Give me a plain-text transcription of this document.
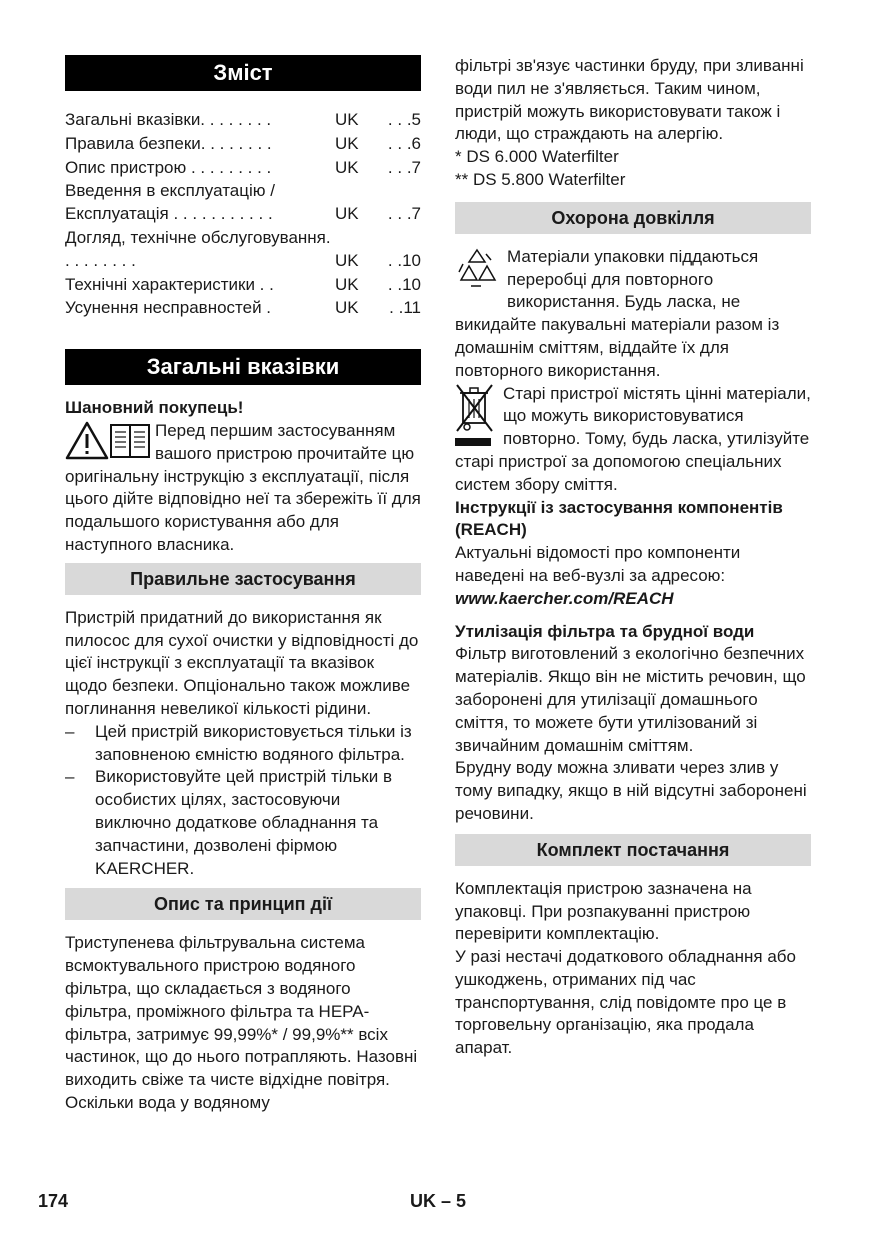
Зміст
Загальні вказівки. . . . . . . .	UK	. . .5
Правила безпеки. . . . . . . .	UK	. . .6
Опис пристрою . . . . . . . . .	UK	. . .7
Введення в експлуатацію / Експлуатація . . . . . . . . . . .	UK	. . .7
Догляд, технічне обслуговування. . . . . . . . .	UK	. .10
Технічні характеристики . .	UK	. .10
Усунення несправностей .	UK	. .11
Загальні вказівки

Шановний покупець!

Перед першим застосуванням вашого пристрою прочитайте цю оригінальну інструкцію з експлуатації, після цього дійте відповідно неї та збережіть її для подальшого користування або для наступного власника.

Правильне застосування

Пристрій придатний до використання як пилосос для сухої очистки у відповідності до цієї інструкції з експлуатації та вказівок щодо безпеки. Опціонально також можливе поглинання невеликої кількості рідини.

– Цей пристрій використовується тільки із заповненою ємністю водяного фільтра.
– Використовуйте цей пристрій тільки в особистих цілях, застосовуючи виключно додаткове обладнання та запчастини, дозволені фірмою KAERCHER.
Опис та принцип дії

Триступенева фільтрувальна система всмоктувального пристрою водяного фільтра, що складається з водяного фільтра, проміжного фільтра та HEPA-фільтра, затримує 99,99%* / 99,9%** всіх частинок, що до нього потрапляють. Назовні виходить свіже та чисте відхідне повітря. Оскільки вода у водяному

фільтрі зв'язує частинки бруду, при зливанні води пил не з'являється. Таким чином, пристрій можуть використовувати також і люди, що страждають на алергію.

* DS 6.000 Waterfilter

** DS 5.800 Waterfilter

Охорона довкілля

Матеріали упаковки піддаються переробці для повторного використання. Будь ласка, не викидайте пакувальні матеріали разом із домашнім сміттям, віддайте їх для повторного використання.

Старі пристрої містять цінні матеріали, що можуть використовуватися повторно. Тому, будь ласка, утилізуйте старі пристрої за допомогою спеціальних систем збору сміття.

Інструкції із застосування компонентів (REACH)

Актуальні відомості про компоненти наведені на веб-вузлі за адресою:

www.kaercher.com/REACH

Утилізація фільтра та брудної води

Фільтр виготовлений з екологічно безпечних матеріалів. Якщо він не містить речовин, що заборонені для утилізації домашнього сміття, то можете бути утилізований зі звичайним домашнім сміттям.

Брудну воду можна зливати через злив у тому випадку, якщо в ній відсутні заборонені речовини.

Комплект постачання

Комплектація пристрою зазначена на упаковці. При розпакуванні пристрою перевірити комплектацію.

У разі нестачі додаткового обладнання або ушкоджень, отриманих під час транспортування, слід повідомте про це в торговельну організацію, яка продала апарат.

174	UK – 5
